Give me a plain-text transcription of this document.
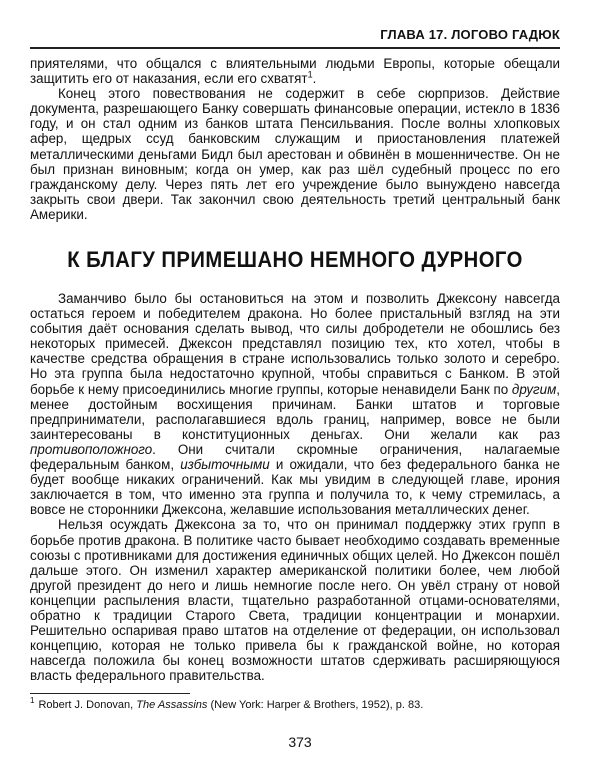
ГЛАВА 17. ЛОГОВО ГАДЮК

приятелями, что общался с влиятельными людьми Европы, которые обещали защитить его от наказания, если его схватят$^1$.

Конец этого повествования не содержит в себе сюрпризов. Действие документа, разрешающего Банку совершать финансовые операции, истекло в 1836 году, и он стал одним из банков штата Пенсильвания. После волны хлопковых афер, щедрых ссуд банковским служащим и приостановления платежей металлическими деньгами Бидл был арестован и обвинён в мошенничестве. Он не был признан виновным; когда он умер, как раз шёл судебный процесс по его гражданскому делу. Через пять лет его учреждение было вынуждено навсегда закрыть свои двери. Так закончил свою деятельность третий центральный банк Америки.

К БЛАГУ ПРИМЕШАНО НЕМНОГО ДУРНОГО

Заманчиво было бы остановиться на этом и позволить Джексону навсегда остаться героем и победителем дракона. Но более пристальный взгляд на эти события даёт основания сделать вывод, что силы добродетели не обошлись без некоторых примесей. Джексон представлял позицию тех, кто хотел, чтобы в качестве средства обращения в стране использовались только золото и серебро. Но эта группа была недостаточно крупной, чтобы справиться с Банком. В этой борьбе к нему присоединились многие группы, которые ненавидели Банк по другим, менее достойным восхищения причинам. Банки штатов и торговые предприниматели, располагавшиеся вдоль границ, например, вовсе не были заинтересованы в конституционных деньгах. Они желали как раз противоположного. Они считали скромные ограничения, налагаемые федеральным банком, избыточными и ожидали, что без федерального банка не будет вообще никаких ограничений. Как мы увидим в следующей главе, ирония заключается в том, что именно эта группа и получила то, к чему стремилась, а вовсе не сторонники Джексона, желавшие использования металлических денег.

Нельзя осуждать Джексона за то, что он принимал поддержку этих групп в борьбе против дракона. В политике часто бывает необходимо создавать временные союзы с противниками для достижения единичных общих целей. Но Джексон пошёл дальше этого. Он изменил характер американской политики более, чем любой другой президент до него и лишь немногие после него. Он увёл страну от новой концепции распыления власти, тщательно разработанной отцами-основателями, обратно к традиции Старого Света, традиции концентрации и монархии. Решительно оспаривая право штатов на отделение от федерации, он использовал концепцию, которая не только привела бы к гражданской войне, но которая навсегда положила бы конец возможности штатов сдерживать расширяющуюся власть федерального правительства.

$^1$ Robert J. Donovan, The Assassins (New York: Harper & Brothers, 1952), p. 83.
373
